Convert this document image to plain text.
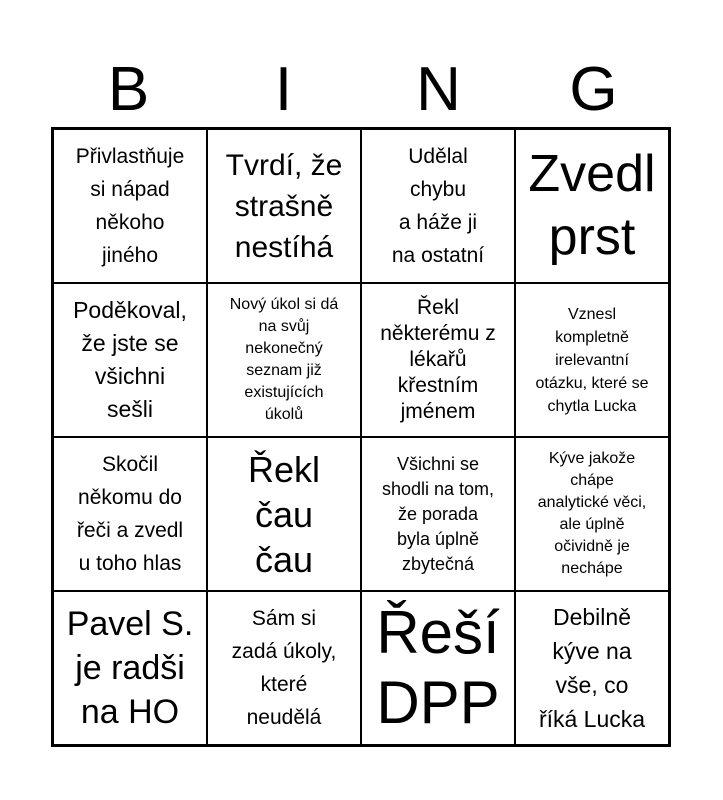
B	I	N	G
Přivlastňuje
si nápad
někoho
jiného
Tvrdí, že
strašně
nestíhá
Udělal
chybu
a háže ji
na ostatní
Zvedl
prst
Poděkoval,
že jste se
všichni
sešli
Nový úkol si dá
na svůj
nekonečný
seznam již
existujících
úkolů
Řekl
některému z
lékařů
křestním
jménem
Vznesl
kompletně
irelevantní
otázku, které se
chytla Lucka
Skočil
někomu do
řeči a zvedl
u toho hlas
Řekl
čau
čau
Všichni se
shodli na tom,
že porada
byla úplně
zbytečná
Kýve jakože
chápe
analytické věci,
ale úplně
očividně je
nechápe
Pavel S.
je radši
na HO
Sám si
zadá úkoly,
které
neudělá
Řeší
DPP
Debilně
kýve na
vše, co
říká Lucka
